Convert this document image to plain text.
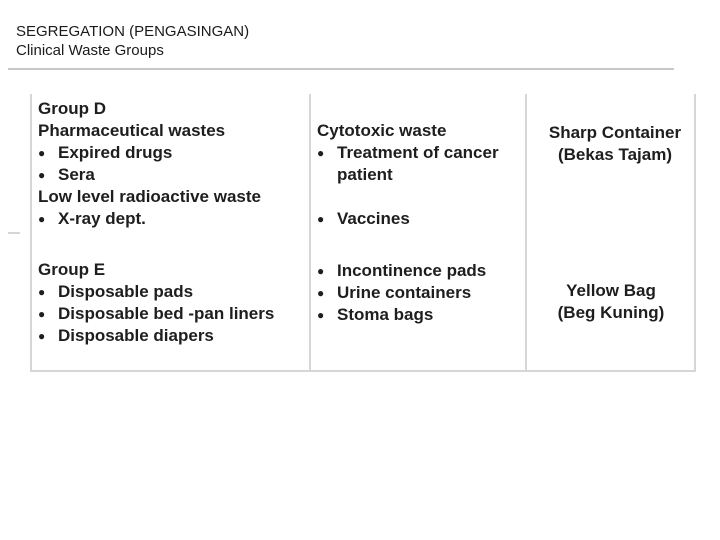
SEGREGATION (PENGASINGAN)
Clinical Waste Groups
Group D
Pharmaceutical wastes
● Expired drugs
● Sera
Low level radioactive waste
● X-ray dept.
Cytotoxic waste
● Treatment of cancer
patient
● Vaccines
Sharp Container
(Bekas Tajam)
Group E
● Disposable pads
● Disposable bed -pan liners
● Disposable diapers
● Incontinence pads
● Urine containers
● Stoma bags
Yellow Bag
(Beg Kuning)
